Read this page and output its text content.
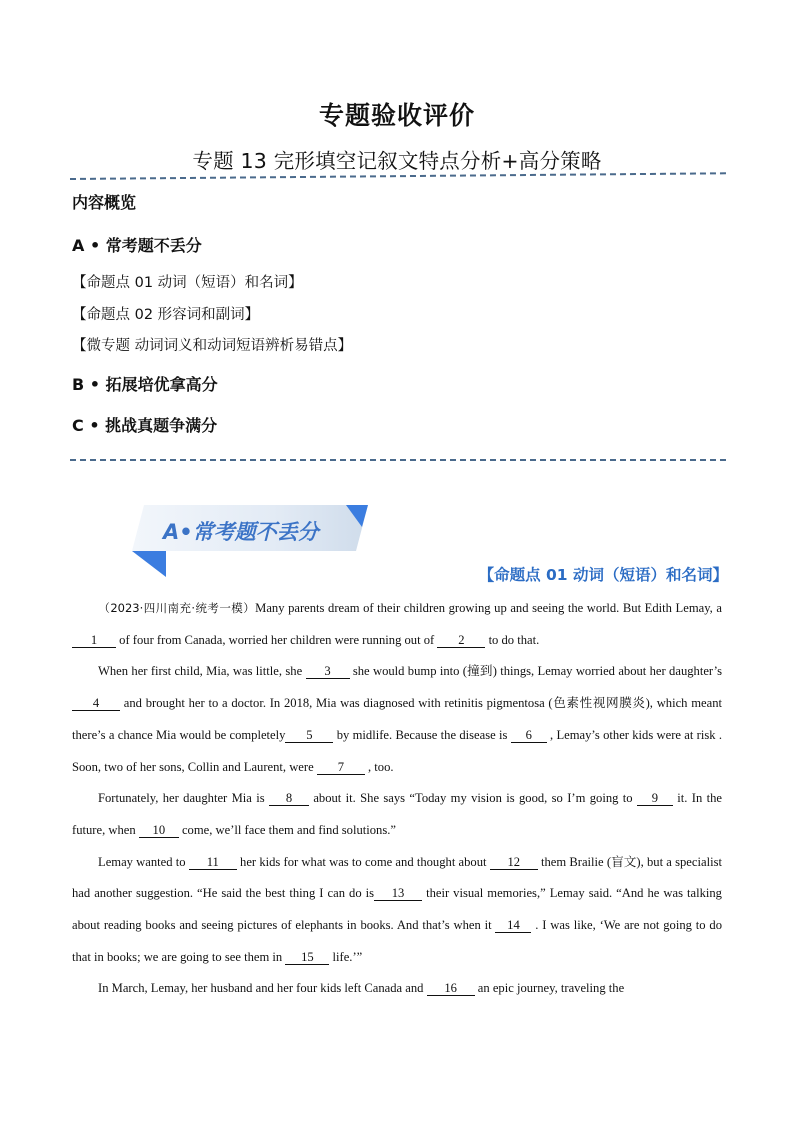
专题验收评价
专题 13 完形填空记叙文特点分析+高分策略
内容概览
A • 常考题不丢分
【命题点 01 动词（短语）和名词】
【命题点 02 形容词和副词】
【微专题 动词词义和动词短语辨析易错点】
B • 拓展培优拿高分
C • 挑战真题争满分
A•常考题不丢分
【命题点 01 动词（短语）和名词】
（2023·四川南充·统考一模）Many parents dream of their children growing up and seeing the world. But Edith Lemay, a1 of four from Canada, worried her children were running out of 2 to do that.
When her first child, Mia, was little, she 3 she would bump into (撞到) things, Lemay worried about her daughter’s 4 and brought her to a doctor. In 2018, Mia was diagnosed with retinitis pigmentosa (色素性视网膜炎), which meant there’s a chance Mia would be completely 5 by midlife. Because the disease is 6 , Lemay’s other kids were at risk . Soon, two of her sons, Collin and Laurent, were 7 , too.
Fortunately, her daughter Mia is 8 about it. She says “Today my vision is good, so I’m going to 9 it. In the future, when 10 come, we’ll face them and find solutions.”
Lemay wanted to 11 her kids for what was to come and thought about 12 them Brailie (盲文), but a specialist had another suggestion. “He said the best thing I can do is 13 their visual memories,” Lemay said. “And he was talking about reading books and seeing pictures of elephants in books. And that’s when it 14 . I was like, ‘We are not going to do that in books; we are going to see them in 15 life.’”
In March, Lemay, her husband and her four kids left Canada and 16 an epic journey, traveling the
